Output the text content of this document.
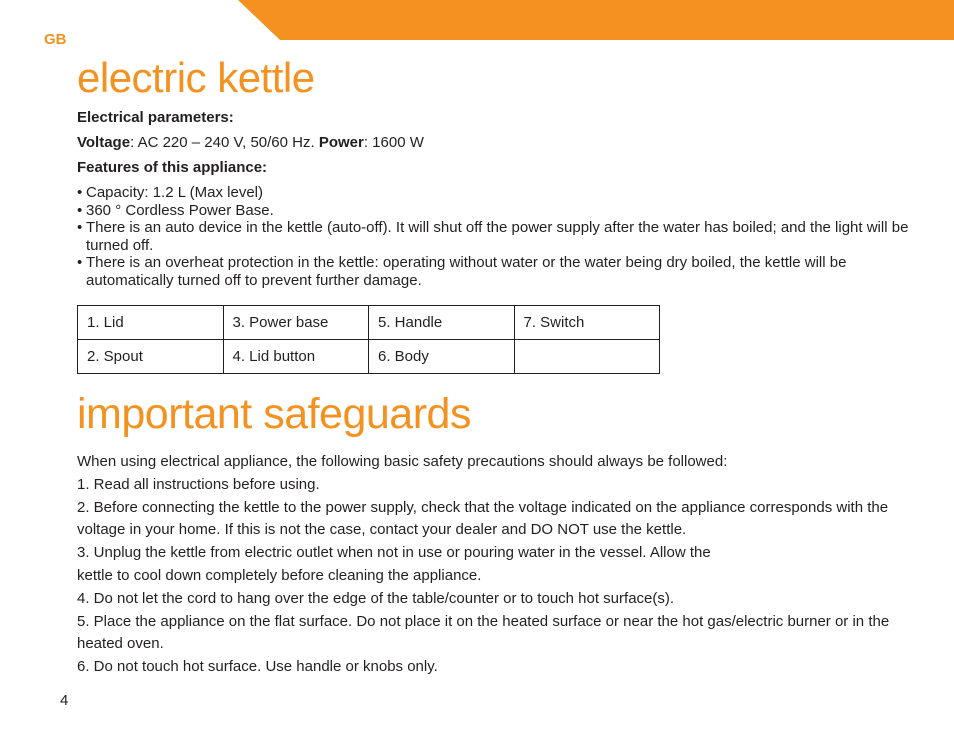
GB
electric kettle
Electrical parameters:
Voltage: AC 220 – 240 V, 50/60 Hz. Power: 1600 W
Features of this appliance:
• Capacity: 1.2 L (Max level)
• 360 ° Cordless Power Base.
• There is an auto device in the kettle (auto-off). It will shut off the power supply after the water has boiled; and the light will be turned off.
• There is an overheat protection in the kettle: operating without water or the water being dry boiled, the kettle will be automatically turned off to prevent further damage.
1. Lid	3. Power base	5. Handle	7. Switch
2. Spout	4. Lid button	6. Body	
important safeguards

When using electrical appliance, the following basic safety precautions should always be followed:

1. Read all instructions before using.

2. Before connecting the kettle to the power supply, check that the voltage indicated on the appliance corresponds with the voltage in your home. If this is not the case, contact your dealer and DO NOT use the kettle.

3. Unplug the kettle from electric outlet when not in use or pouring water in the vessel. Allow the

kettle to cool down completely before cleaning the appliance.

4. Do not let the cord to hang over the edge of the table/counter or to touch hot surface(s).

5. Place the appliance on the flat surface. Do not place it on the heated surface or near the hot gas/electric burner or in the heated oven.

6. Do not touch hot surface. Use handle or knobs only.

4
